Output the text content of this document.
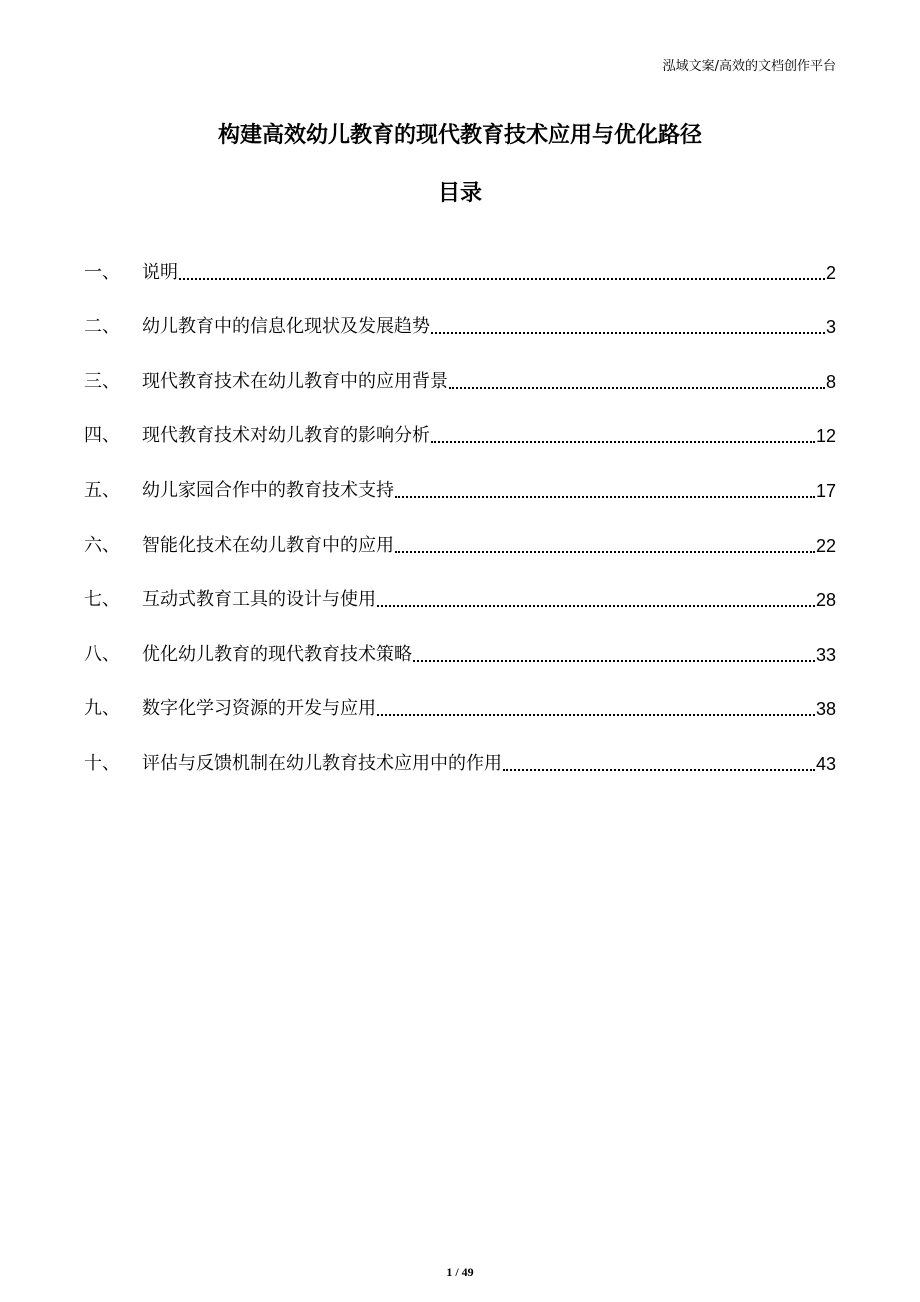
泓域文案/高效的文档创作平台
构建高效幼儿教育的现代教育技术应用与优化路径
目录
一、	说明	2
二、	幼儿教育中的信息化现状及发展趋势	3
三、	现代教育技术在幼儿教育中的应用背景	8
四、	现代教育技术对幼儿教育的影响分析	12
五、	幼儿家园合作中的教育技术支持	17
六、	智能化技术在幼儿教育中的应用	22
七、	互动式教育工具的设计与使用	28
八、	优化幼儿教育的现代教育技术策略	33
九、	数字化学习资源的开发与应用	38
十、	评估与反馈机制在幼儿教育技术应用中的作用	43
1 / 49
